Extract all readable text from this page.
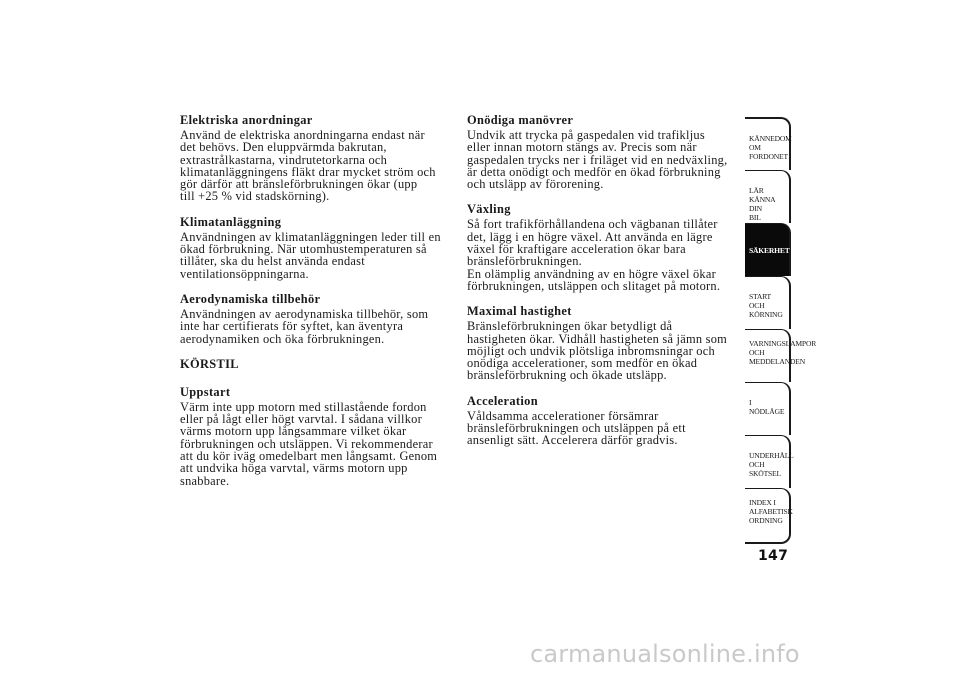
Elektriska anordningar
Använd de elektriska anordningarna endast när
det behövs. Den eluppvärmda bakrutan,
extrastrålkastarna, vindrutetorkarna och
klimatanläggningens fläkt drar mycket ström och
gör därför att bränsleförbrukningen ökar (upp
till +25 % vid stadskörning).
Klimatanläggning
Användningen av klimatanläggningen leder till en
ökad förbrukning. När utomhustemperaturen så
tillåter, ska du helst använda endast
ventilationsöppningarna.
Aerodynamiska tillbehör
Användningen av aerodynamiska tillbehör, som
inte har certifierats för syftet, kan äventyra
aerodynamiken och öka förbrukningen.
KÖRSTIL
Uppstart
Värm inte upp motorn med stillastående fordon
eller på lågt eller högt varvtal. I sådana villkor
värms motorn upp långsammare vilket ökar
förbrukningen och utsläppen. Vi rekommenderar
att du kör iväg omedelbart men långsamt. Genom
att undvika höga varvtal, värms motorn upp
snabbare.
Onödiga manövrer
Undvik att trycka på gaspedalen vid trafikljus
eller innan motorn stängs av. Precis som när
gaspedalen trycks ner i friläget vid en nedväxling,
är detta onödigt och medför en ökad förbrukning
och utsläpp av förorening.
Växling
Så fort trafikförhållandena och vägbanan tillåter
det, lägg i en högre växel. Att använda en lägre
växel för kraftigare acceleration ökar bara
bränsleförbrukningen.
En olämplig användning av en högre växel ökar
förbrukningen, utsläppen och slitaget på motorn.
Maximal hastighet
Bränsleförbrukningen ökar betydligt då
hastigheten ökar. Vidhåll hastigheten så jämn som
möjligt och undvik plötsliga inbromsningar och
onödiga accelerationer, som medför en ökad
bränsleförbrukning och ökade utsläpp.
Acceleration
Våldsamma accelerationer försämrar
bränsleförbrukningen och utsläppen på ett
ansenligt sätt. Accelerera därför gradvis.
KÄNNEDOM OM
FORDONET
LÄR KÄNNA DIN
BIL
SÄKERHET
START OCH
KÖRNING
VARNINGSLAMPOR
OCH
MEDDELANDEN
I NÖDLÄGE
UNDERHÅLL OCH
SKÖTSEL
INDEX I
ALFABETISK
ORDNING
147
carmanualsonline.info
